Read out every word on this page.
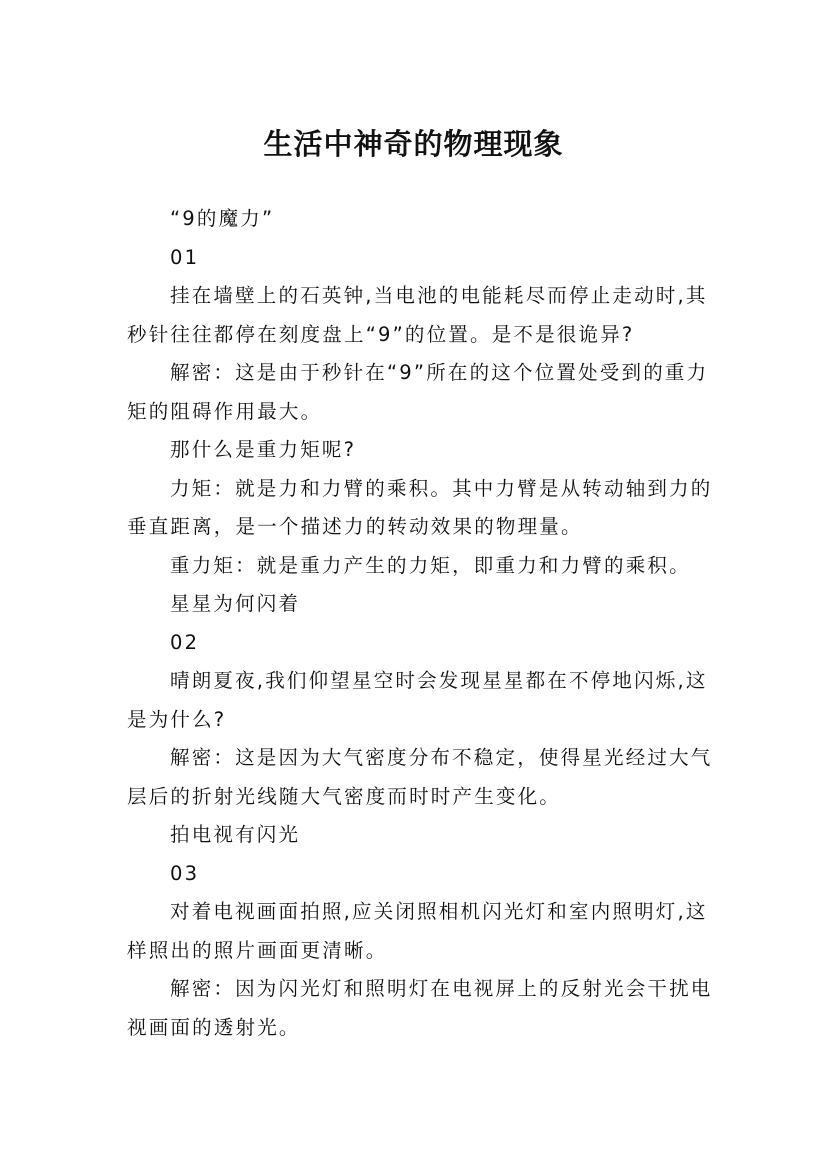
生活中神奇的物理现象

“9的魔力”

01

挂在墙壁上的石英钟,当电池的电能耗尽而停止走动时,其秒针往往都停在刻度盘上“9”的位置。是不是很诡异?

解密：这是由于秒针在“9”所在的这个位置处受到的重力矩的阻碍作用最大。

那什么是重力矩呢?

力矩：就是力和力臂的乘积。其中力臂是从转动轴到力的垂直距离，是一个描述力的转动效果的物理量。

重力矩：就是重力产生的力矩，即重力和力臂的乘积。

星星为何闪着

02

晴朗夏夜,我们仰望星空时会发现星星都在不停地闪烁,这是为什么?

解密：这是因为大气密度分布不稳定，使得星光经过大气层后的折射光线随大气密度而时时产生变化。

拍电视有闪光

03

对着电视画面拍照,应关闭照相机闪光灯和室内照明灯,这样照出的照片画面更清晰。

解密：因为闪光灯和照明灯在电视屏上的反射光会干扰电视画面的透射光。
